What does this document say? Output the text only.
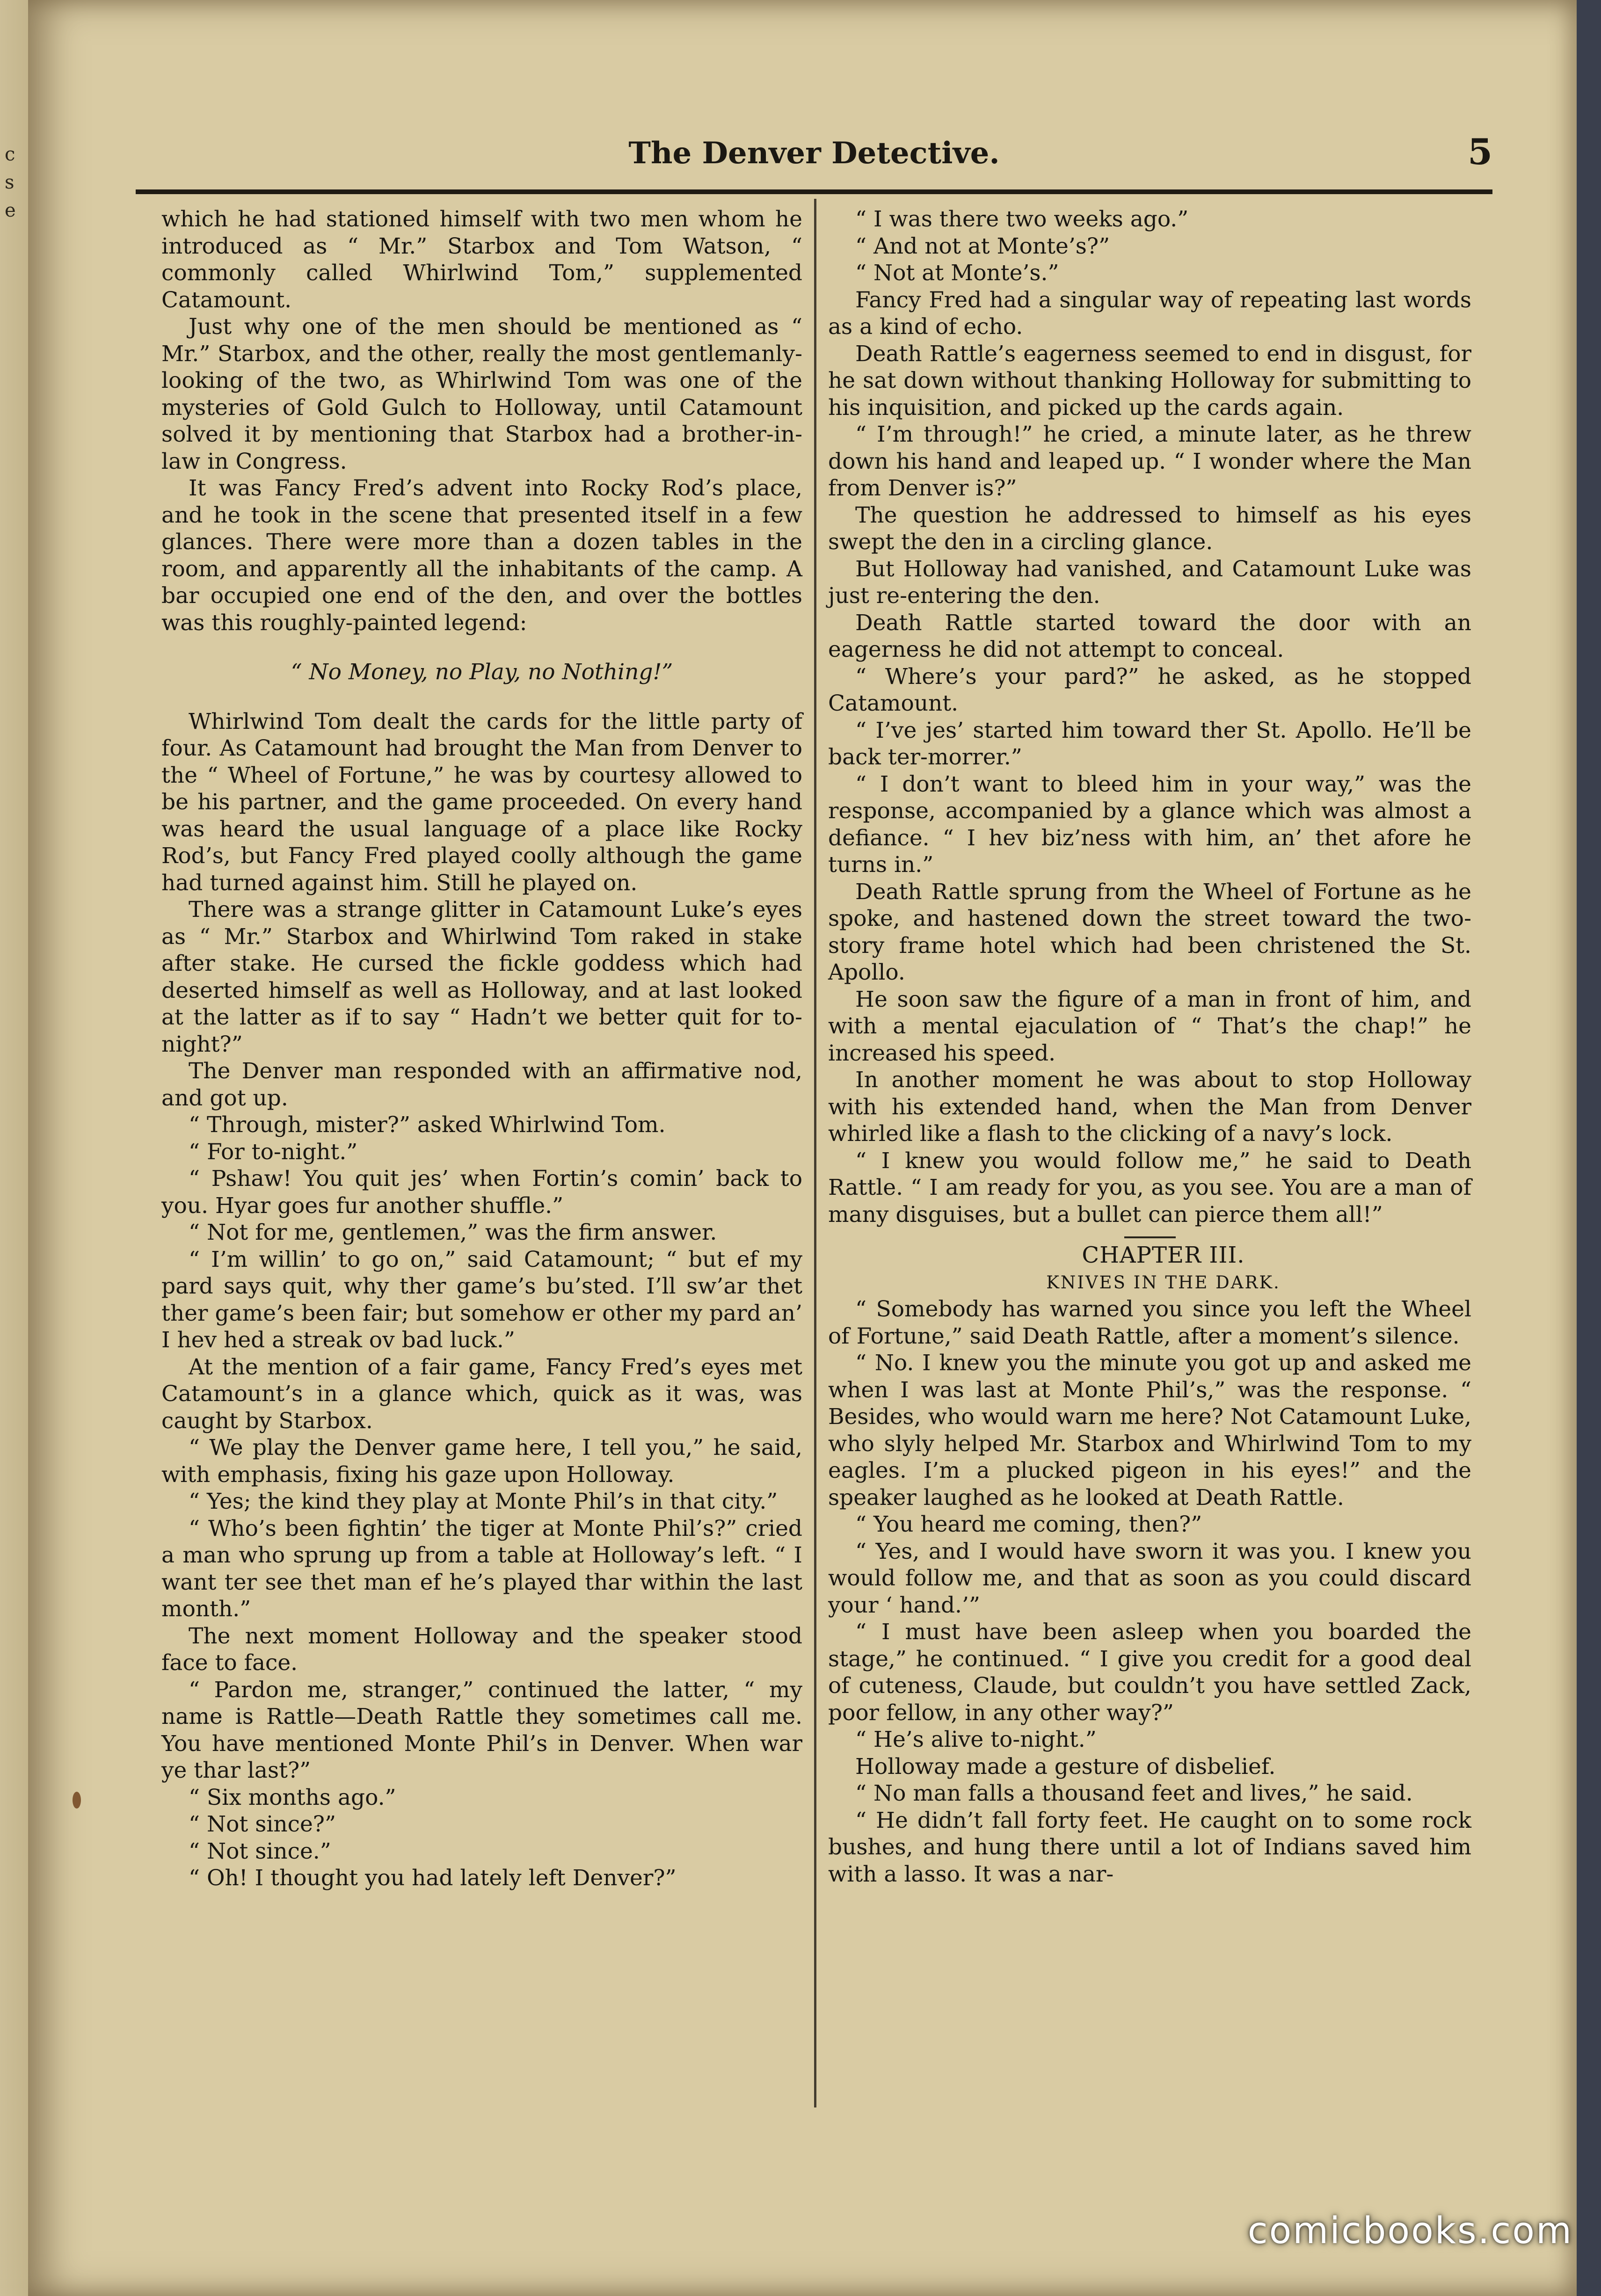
c s e
The Denver Detective.	5

which he had stationed himself with two men whom he introduced as “ Mr.” Starbox and Tom Watson, “ commonly called Whirlwind Tom,” supplemented Catamount.

Just why one of the men should be mentioned as “ Mr.” Starbox, and the other, really the most gentlemanly-looking of the two, as Whirlwind Tom was one of the mysteries of Gold Gulch to Holloway, until Catamount solved it by mentioning that Starbox had a brother-in-law in Congress.

It was Fancy Fred’s advent into Rocky Rod’s place, and he took in the scene that presented itself in a few glances. There were more than a dozen tables in the room, and apparently all the inhabitants of the camp. A bar occupied one end of the den, and over the bottles was this roughly-painted legend:

“ No Money, no Play, no Nothing!”

Whirlwind Tom dealt the cards for the little party of four. As Catamount had brought the Man from Denver to the “ Wheel of Fortune,” he was by courtesy allowed to be his partner, and the game proceeded. On every hand was heard the usual language of a place like Rocky Rod’s, but Fancy Fred played coolly although the game had turned against him. Still he played on.

There was a strange glitter in Catamount Luke’s eyes as “ Mr.” Starbox and Whirlwind Tom raked in stake after stake. He cursed the fickle goddess which had deserted himself as well as Holloway, and at last looked at the latter as if to say “ Hadn’t we better quit for to-night?”

The Denver man responded with an affirmative nod, and got up.

“ Through, mister?” asked Whirlwind Tom.

“ For to-night.”

“ Pshaw! You quit jes’ when Fortin’s comin’ back to you. Hyar goes fur another shuffle.”

“ Not for me, gentlemen,” was the firm answer.

“ I’m willin’ to go on,” said Catamount; “ but ef my pard says quit, why ther game’s bu’sted. I’ll sw’ar thet ther game’s been fair; but somehow er other my pard an’ I hev hed a streak ov bad luck.”

At the mention of a fair game, Fancy Fred’s eyes met Catamount’s in a glance which, quick as it was, was caught by Starbox.

“ We play the Denver game here, I tell you,” he said, with emphasis, fixing his gaze upon Holloway.

“ Yes; the kind they play at Monte Phil’s in that city.”

“ Who’s been fightin’ the tiger at Monte Phil’s?” cried a man who sprung up from a table at Holloway’s left. “ I want ter see thet man ef he’s played thar within the last month.”

The next moment Holloway and the speaker stood face to face.

“ Pardon me, stranger,” continued the latter, “ my name is Rattle—Death Rattle they sometimes call me. You have mentioned Monte Phil’s in Denver. When war ye thar last?”

“ Six months ago.”

“ Not since?”

“ Not since.”

“ Oh! I thought you had lately left Denver?”

“ I was there two weeks ago.”

“ And not at Monte’s?”

“ Not at Monte’s.”

Fancy Fred had a singular way of repeating last words as a kind of echo.

Death Rattle’s eagerness seemed to end in disgust, for he sat down without thanking Holloway for submitting to his inquisition, and picked up the cards again.

“ I’m through!” he cried, a minute later, as he threw down his hand and leaped up. “ I wonder where the Man from Denver is?”

The question he addressed to himself as his eyes swept the den in a circling glance.

But Holloway had vanished, and Catamount Luke was just re-entering the den.

Death Rattle started toward the door with an eagerness he did not attempt to conceal.

“ Where’s your pard?” he asked, as he stopped Catamount.

“ I’ve jes’ started him toward ther St. Apollo. He’ll be back ter-morrer.”

“ I don’t want to bleed him in your way,” was the response, accompanied by a glance which was almost a defiance. “ I hev biz’ness with him, an’ thet afore he turns in.”

Death Rattle sprung from the Wheel of Fortune as he spoke, and hastened down the street toward the two-story frame hotel which had been christened the St. Apollo.

He soon saw the figure of a man in front of him, and with a mental ejaculation of “ That’s the chap!” he increased his speed.

In another moment he was about to stop Holloway with his extended hand, when the Man from Denver whirled like a flash to the clicking of a navy’s lock.

“ I knew you would follow me,” he said to Death Rattle. “ I am ready for you, as you see. You are a man of many disguises, but a bullet can pierce them all!”

CHAPTER III.

KNIVES IN THE DARK.

“ Somebody has warned you since you left the Wheel of Fortune,” said Death Rattle, after a moment’s silence.

“ No. I knew you the minute you got up and asked me when I was last at Monte Phil’s,” was the response. “ Besides, who would warn me here? Not Catamount Luke, who slyly helped Mr. Starbox and Whirlwind Tom to my eagles. I’m a plucked pigeon in his eyes!” and the speaker laughed as he looked at Death Rattle.

“ You heard me coming, then?”

“ Yes, and I would have sworn it was you. I knew you would follow me, and that as soon as you could discard your ‘ hand.’”

“ I must have been asleep when you boarded the stage,” he continued. “ I give you credit for a good deal of cuteness, Claude, but couldn’t you have settled Zack, poor fellow, in any other way?”

“ He’s alive to-night.”

Holloway made a gesture of disbelief.

“ No man falls a thousand feet and lives,” he said.

“ He didn’t fall forty feet. He caught on to some rock bushes, and hung there until a lot of Indians saved him with a lasso. It was a nar-

comicbooks.com
